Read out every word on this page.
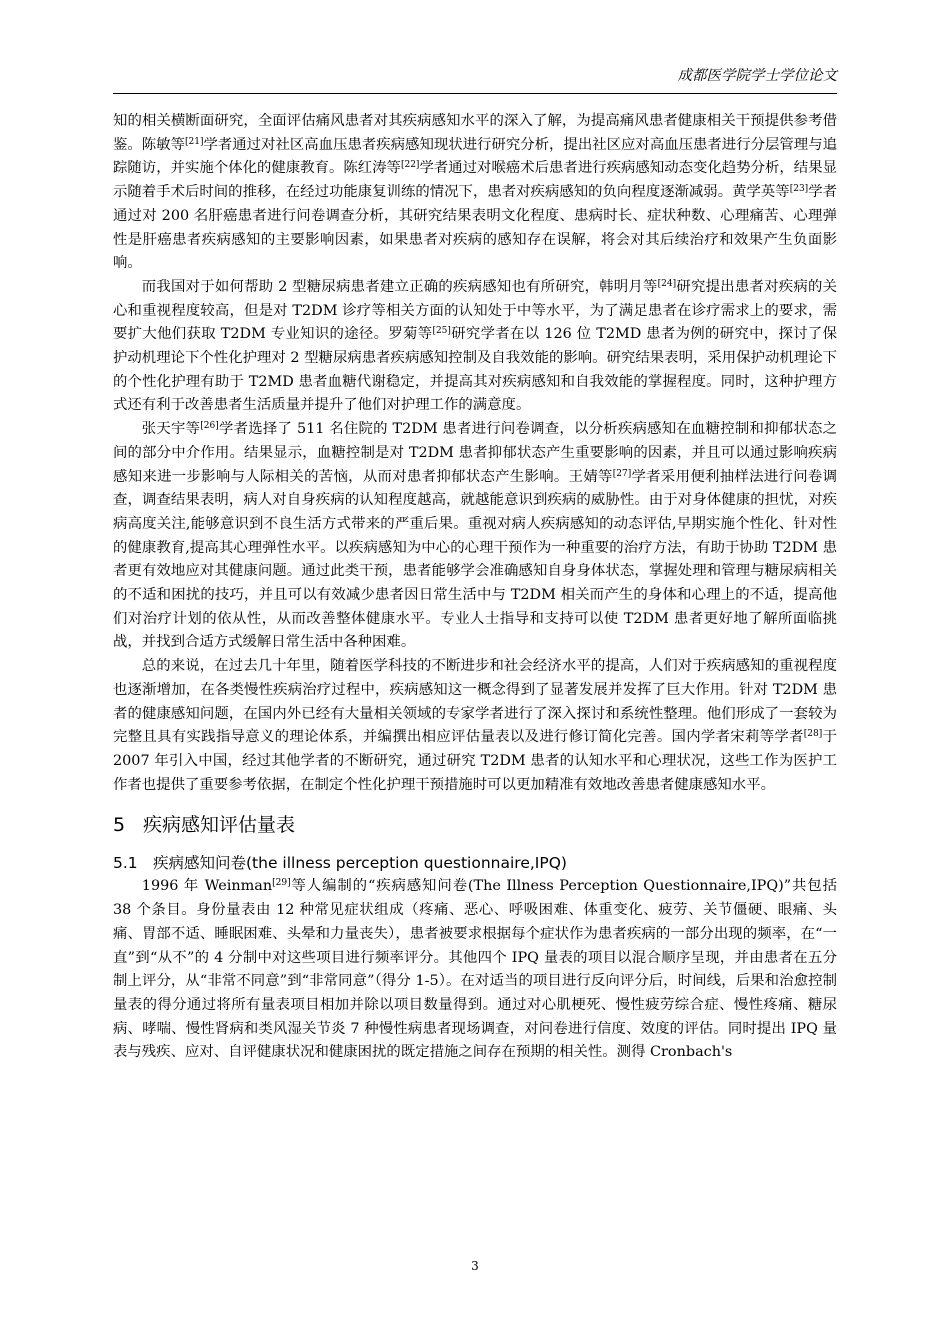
成都医学院学士学位论文

知的相关横断面研究，全面评估痛风患者对其疾病感知水平的深入了解，为提高痛风患者健康相关干预提供参考借鉴。陈敏等[21]学者通过对社区高血压患者疾病感知现状进行研究分析，提出社区应对高血压患者进行分层管理与追踪随访，并实施个体化的健康教育。陈红涛等[22]学者通过对喉癌术后患者进行疾病感知动态变化趋势分析，结果显示随着手术后时间的推移，在经过功能康复训练的情况下，患者对疾病感知的负向程度逐渐减弱。黄学英等[23]学者通过对 200 名肝癌患者进行问卷调查分析，其研究结果表明文化程度、患病时长、症状种数、心理痛苦、心理弹性是肝癌患者疾病感知的主要影响因素，如果患者对疾病的感知存在误解，将会对其后续治疗和效果产生负面影响。

而我国对于如何帮助 2 型糖尿病患者建立正确的疾病感知也有所研究，韩明月等[24]研究提出患者对疾病的关心和重视程度较高，但是对 T2DM 诊疗等相关方面的认知处于中等水平，为了满足患者在诊疗需求上的要求，需要扩大他们获取 T2DM 专业知识的途径。罗菊等[25]研究学者在以 126 位 T2MD 患者为例的研究中，探讨了保护动机理论下个性化护理对 2 型糖尿病患者疾病感知控制及自我效能的影响。研究结果表明，采用保护动机理论下的个性化护理有助于 T2MD 患者血糖代谢稳定，并提高其对疾病感知和自我效能的掌握程度。同时，这种护理方式还有利于改善患者生活质量并提升了他们对护理工作的满意度。

张天宇等[26]学者选择了 511 名住院的 T2DM 患者进行问卷调查，以分析疾病感知在血糖控制和抑郁状态之间的部分中介作用。结果显示，血糖控制是对 T2DM 患者抑郁状态产生重要影响的因素，并且可以通过影响疾病感知来进一步影响与人际相关的苦恼，从而对患者抑郁状态产生影响。王婧等[27]学者采用便利抽样法进行问卷调查，调查结果表明，病人对自身疾病的认知程度越高，就越能意识到疾病的威胁性。由于对身体健康的担忧，对疾病高度关注,能够意识到不良生活方式带来的严重后果。重视对病人疾病感知的动态评估,早期实施个性化、针对性的健康教育,提高其心理弹性水平。以疾病感知为中心的心理干预作为一种重要的治疗方法，有助于协助 T2DM 患者更有效地应对其健康问题。通过此类干预，患者能够学会准确感知自身身体状态，掌握处理和管理与糖尿病相关的不适和困扰的技巧，并且可以有效减少患者因日常生活中与 T2DM 相关而产生的身体和心理上的不适，提高他们对治疗计划的依从性，从而改善整体健康水平。专业人士指导和支持可以使 T2DM 患者更好地了解所面临挑战，并找到合适方式缓解日常生活中各种困难。

总的来说，在过去几十年里，随着医学科技的不断进步和社会经济水平的提高，人们对于疾病感知的重视程度也逐渐增加，在各类慢性疾病治疗过程中，疾病感知这一概念得到了显著发展并发挥了巨大作用。针对 T2DM 患者的健康感知问题，在国内外已经有大量相关领域的专家学者进行了深入探讨和系统性整理。他们形成了一套较为完整且具有实践指导意义的理论体系，并编撰出相应评估量表以及进行修订简化完善。国内学者宋莉等学者[28]于 2007 年引入中国，经过其他学者的不断研究，通过研究 T2DM 患者的认知水平和心理状况，这些工作为医护工作者也提供了重要参考依据，在制定个性化护理干预措施时可以更加精准有效地改善患者健康感知水平。

5 疾病感知评估量表
5.1 疾病感知问卷(the illness perception questionnaire,IPQ)

1996 年 Weinman[29]等人编制的“疾病感知问卷(The Illness Perception Questionnaire,IPQ)”共包括 38 个条目。身份量表由 12 种常见症状组成（疼痛、恶心、呼吸困难、体重变化、疲劳、关节僵硬、眼痛、头痛、胃部不适、睡眠困难、头晕和力量丧失），患者被要求根据每个症状作为患者疾病的一部分出现的频率，在“一直”到“从不”的 4 分制中对这些项目进行频率评分。其他四个 IPQ 量表的项目以混合顺序呈现，并由患者在五分制上评分，从“非常不同意”到“非常同意”（得分 1-5）。在对适当的项目进行反向评分后，时间线，后果和治愈控制量表的得分通过将所有量表项目相加并除以项目数量得到。通过对心肌梗死、慢性疲劳综合症、慢性疼痛、糖尿病、哮喘、慢性肾病和类风湿关节炎 7 种慢性病患者现场调查，对问卷进行信度、效度的评估。同时提出 IPQ 量表与残疾、应对、自评健康状况和健康困扰的既定措施之间存在预期的相关性。测得 Cronbach's

3
